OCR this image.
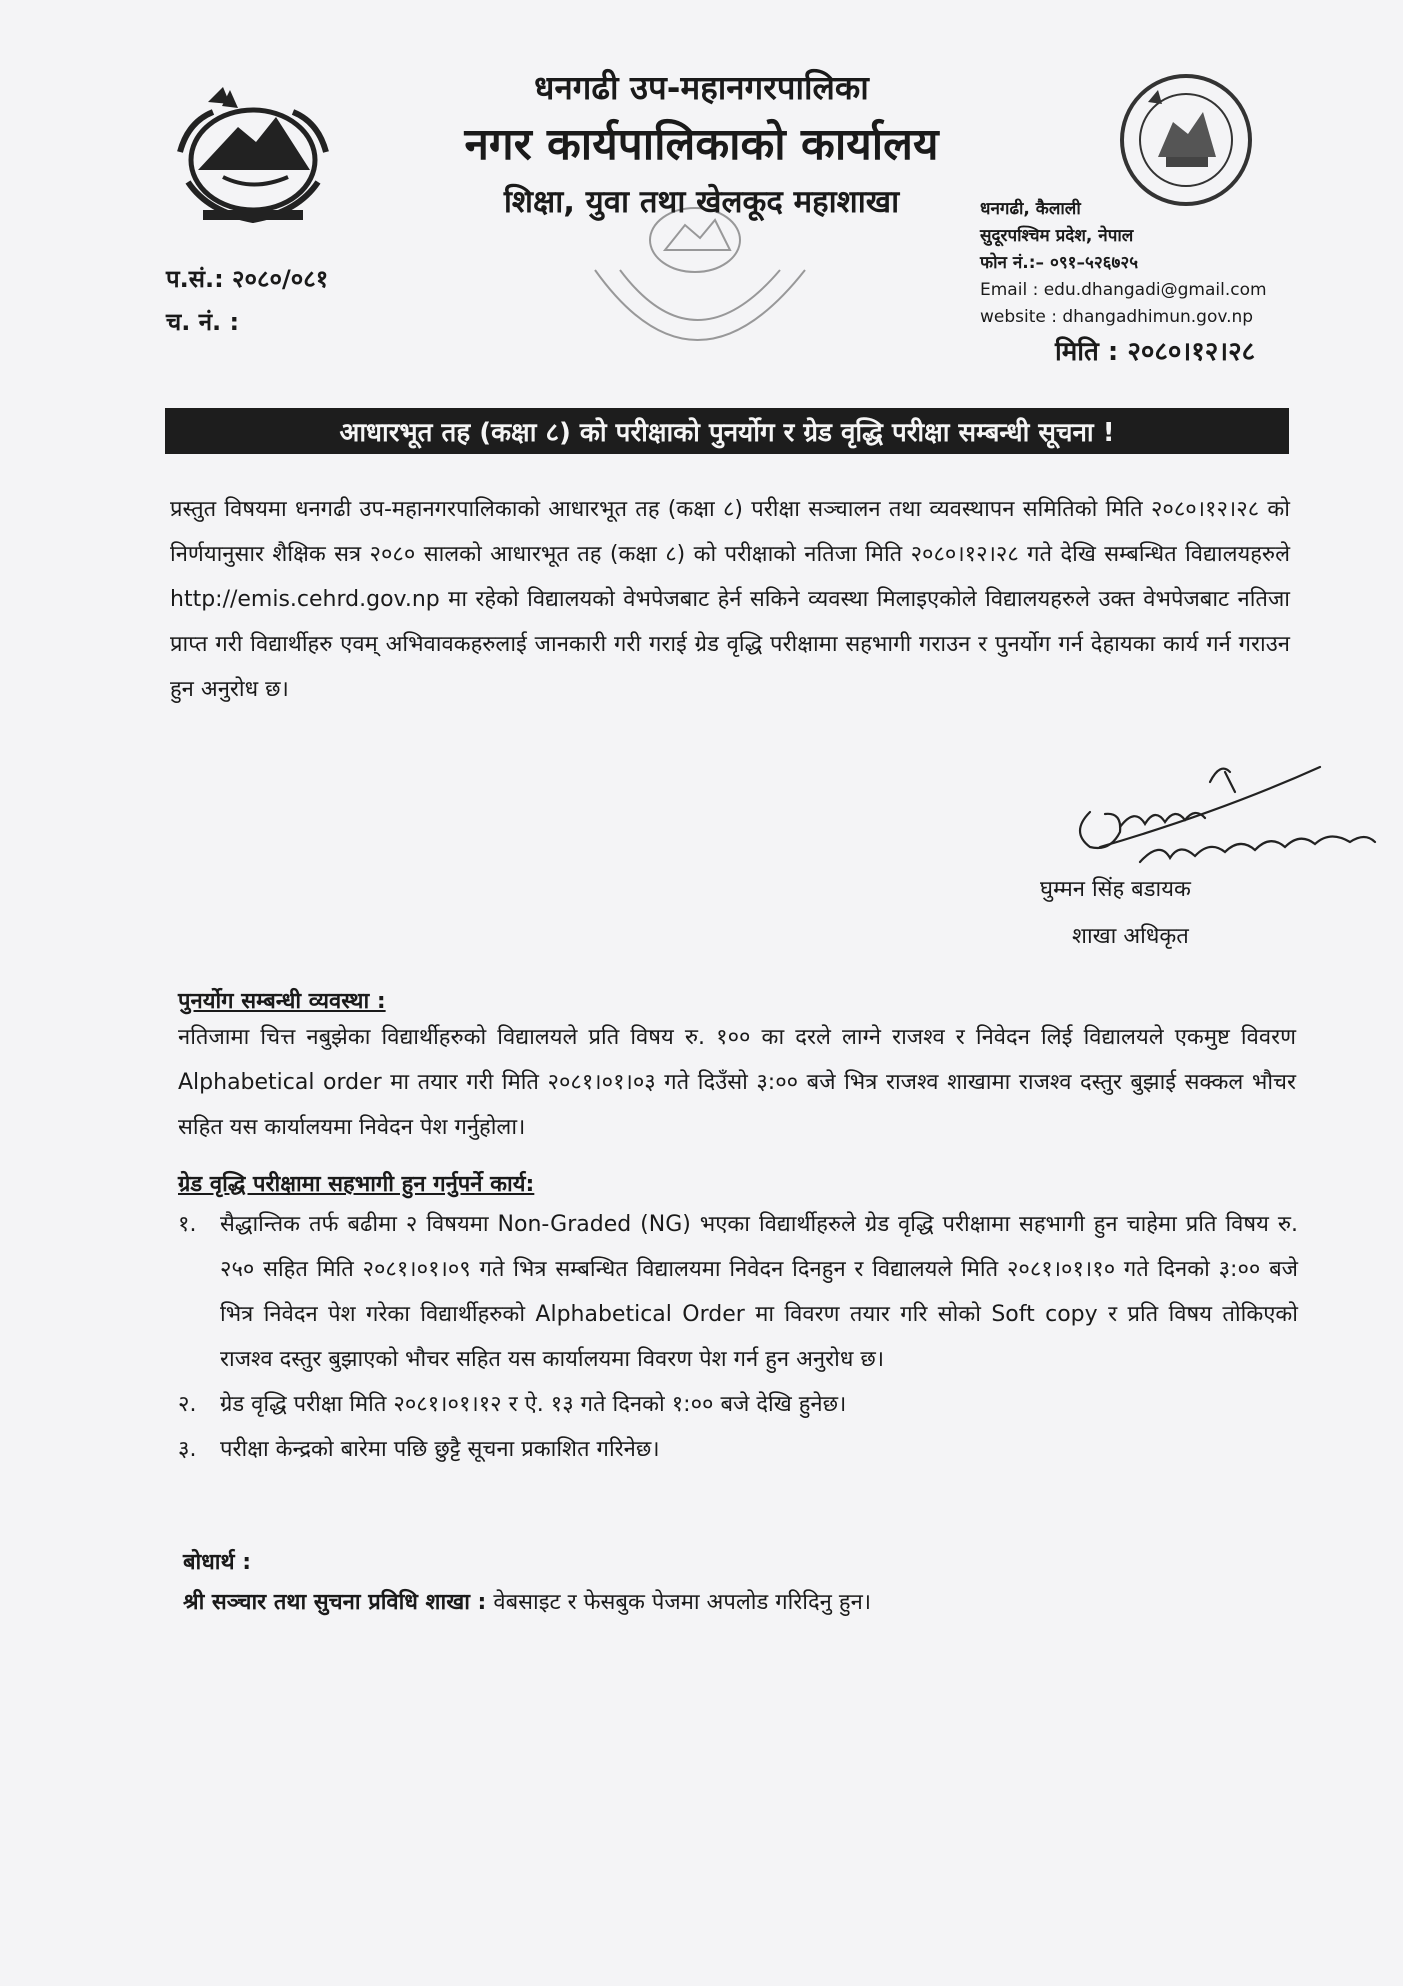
धनगढी उप-महानगरपालिका
नगर कार्यपालिकाको कार्यालय
शिक्षा, युवा तथा खेलकूद महाशाखा
प.सं.: २०८०/०८१
च. नं. :
धनगढी, कैलाली
सुदूरपश्चिम प्रदेश, नेपाल
फोन नं.:– ०९१–५२६७२५
Email : edu.dhangadi@gmail.com
website : dhangadhimun.gov.np
मिति : २०८०।१२।२८
आधारभूत तह (कक्षा ८) को परीक्षाको पुनर्योग र ग्रेड वृद्धि परीक्षा सम्बन्धी सूचना !
प्रस्तुत विषयमा धनगढी उप-महानगरपालिकाको आधारभूत तह (कक्षा ८) परीक्षा सञ्चालन तथा व्यवस्थापन समितिको मिति २०८०।१२।२८ को निर्णयानुसार शैक्षिक सत्र २०८० सालको आधारभूत तह (कक्षा ८) को परीक्षाको नतिजा मिति २०८०।१२।२८ गते देखि सम्बन्धित विद्यालयहरुले http://emis.cehrd.gov.np मा रहेको विद्यालयको वेभपेजबाट हेर्न सकिने व्यवस्था मिलाइएकोले विद्यालयहरुले उक्त वेभपेजबाट नतिजा प्राप्त गरी विद्यार्थीहरु एवम् अभिवावकहरुलाई जानकारी गरी गराई ग्रेड वृद्धि परीक्षामा सहभागी गराउन र पुनर्योग गर्न देहायका कार्य गर्न गराउन हुन अनुरोध छ।
घुम्मन सिंह बडायक
शाखा अधिकृत
पुनर्योग सम्बन्धी व्यवस्था :
नतिजामा चित्त नबुझेका विद्यार्थीहरुको विद्यालयले प्रति विषय रु. १०० का दरले लाग्ने राजश्व र निवेदन लिई विद्यालयले एकमुष्ट विवरण Alphabetical order मा तयार गरी मिति २०८१।०१।०३ गते दिउँसो ३:०० बजे भित्र राजश्व शाखामा राजश्व दस्तुर बुझाई सक्कल भौचर सहित यस कार्यालयमा निवेदन पेश गर्नुहोला।
ग्रेड वृद्धि परीक्षामा सहभागी हुन गर्नुपर्ने कार्य:
१.	सैद्धान्तिक तर्फ बढीमा २ विषयमा Non-Graded (NG) भएका विद्यार्थीहरुले ग्रेड वृद्धि परीक्षामा सहभागी हुन चाहेमा प्रति विषय रु. २५० सहित मिति २०८१।०१।०९ गते भित्र सम्बन्धित विद्यालयमा निवेदन दिनहुन र विद्यालयले मिति २०८१।०१।१० गते दिनको ३:०० बजे भित्र निवेदन पेश गरेका विद्यार्थीहरुको Alphabetical Order मा विवरण तयार गरि सोको Soft copy र प्रति विषय तोकिएको राजश्व दस्तुर बुझाएको भौचर सहित यस कार्यालयमा विवरण पेश गर्न हुन अनुरोध छ।
२.	ग्रेड वृद्धि परीक्षा मिति २०८१।०१।१२ र ऐ. १३ गते दिनको १:०० बजे देखि हुनेछ।
३.	परीक्षा केन्द्रको बारेमा पछि छुट्टै सूचना प्रकाशित गरिनेछ।
बोधार्थ :
श्री सञ्चार तथा सुचना प्रविधि शाखा : वेबसाइट र फेसबुक पेजमा अपलोड गरिदिनु हुन।
